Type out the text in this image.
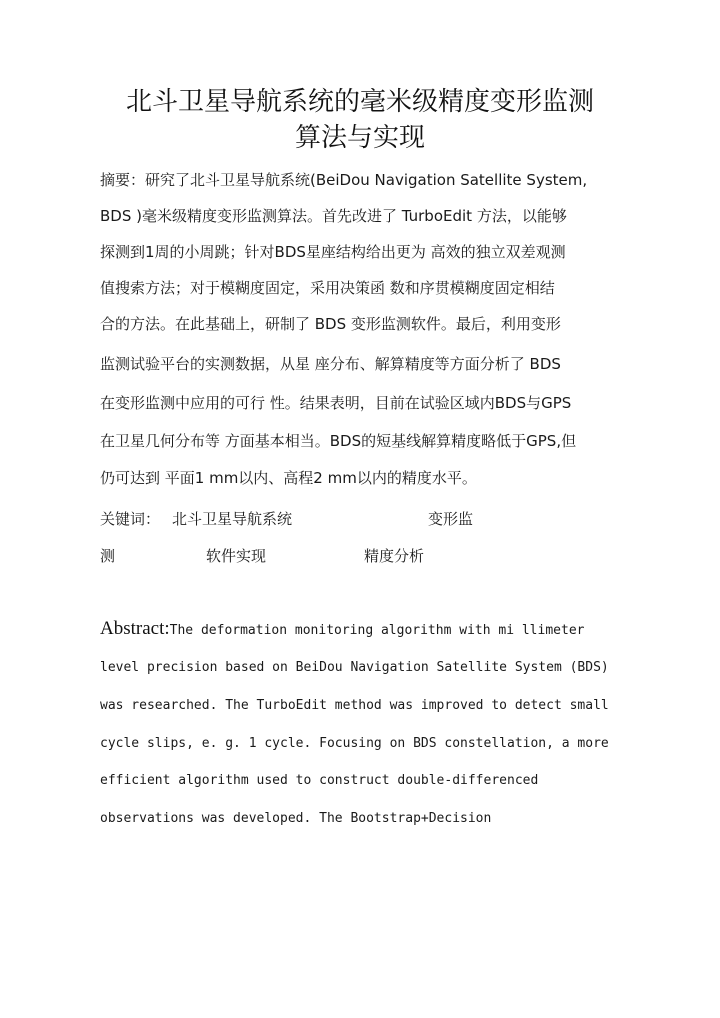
北斗卫星导航系统的毫米级精度变形监测
算法与实现
摘要：研究了北斗卫星导航系统(BeiDou Navigation Satellite System,
BDS )毫米级精度变形监测算法。首先改进了 TurboEdit 方法，以能够
探测到1周的小周跳；针对BDS星座结构给出更为 高效的独立双差观测
值搜索方法；对于模糊度固定，采用决策函 数和序贯模糊度固定相结
合的方法。在此基础上，研制了 BDS 变形监测软件。最后，利用变形
监测试验平台的实测数据，从星 座分布、解算精度等方面分析了 BDS
在变形监测中应用的可行 性。结果表明，目前在试验区域内BDS与GPS
在卫星几何分布等 方面基本相当。BDS的短基线解算精度略低于GPS,但
仍可达到 平面1 mm以内、高程2 mm以内的精度水平。
关键词： 北斗卫星导航系统	变形监
测	软件实现	精度分析
Abstract:The deformation monitoring algorithm with mi llimeter
level precision based on BeiDou Navigation Satellite System (BDS)
was researched. The TurboEdit method was improved to detect small
cycle slips, e. g. 1 cycle. Focusing on BDS constellation, a more
efficient algorithm used to construct double-differenced
observations was developed. The Bootstrap+Decision
